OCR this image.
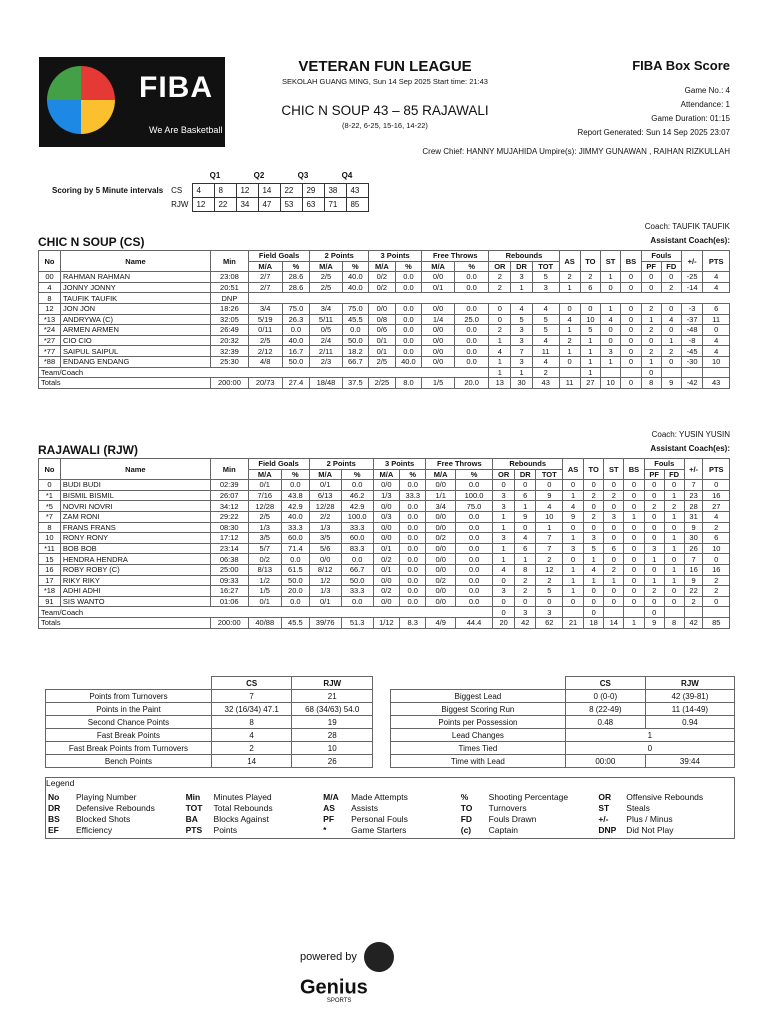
FIBA
We Are Basketball
VETERAN FUN LEAGUE
SEKOLAH GUANG MING, Sun 14 Sep 2025 Start time: 21:43
CHIC N SOUP 43 – 85 RAJAWALI
(8-22, 6-25, 15-16, 14-22)
FIBA Box Score
Game No.: 4
Attendance: 1
Game Duration: 01:15
Report Generated: Sun 14 Sep 2025 23:07
Crew Chief: HANNY MUJAHIDA Umpire(s): JIMMY GUNAWAN , RAIHAN RIZKULLAH
		Q1		Q2		Q3		Q4	
Scoring by 5 Minute intervals	CS	4	8	12	14	22	29	38	43
	RJW	12	22	34	47	53	63	71	85
Coach: TAUFIK TAUFIK
Assistant Coach(es):
CHIC N SOUP (CS)
No	Name	Min	Field Goals		2 Points		3 Points		Free Throws		Rebounds			AS	TO	ST	BS	Fouls		+/-	PTS
			M/A	%	M/A	%	M/A	%	M/A	%	OR	DR	TOT					PF	FD		
00	RAHMAN RAHMAN	23:08	2/7	28.6	2/5	40.0	0/2	0.0	0/0	0.0	2	3	5	2	2	1	0	0	0	-25	4
4	JONNY JONNY	20:51	2/7	28.6	2/5	40.0	0/2	0.0	0/1	0.0	2	1	3	1	6	0	0	0	2	-14	4
8	TAUFIK TAUFIK	DNP																			
12	JON JON	18:26	3/4	75.0	3/4	75.0	0/0	0.0	0/0	0.0	0	4	4	0	0	1	0	2	0	-3	6
*13	ANDRYWA (C)	32:05	5/19	26.3	5/11	45.5	0/8	0.0	1/4	25.0	0	5	5	4	10	4	0	1	4	-37	11
*24	ARMEN ARMEN	26:49	0/11	0.0	0/5	0.0	0/6	0.0	0/0	0.0	2	3	5	1	5	0	0	2	0	-48	0
*27	CIO CIO	20:32	2/5	40.0	2/4	50.0	0/1	0.0	0/0	0.0	1	3	4	2	1	0	0	0	1	-8	4
*77	SAIPUL SAIPUL	32:39	2/12	16.7	2/11	18.2	0/1	0.0	0/0	0.0	4	7	11	1	1	3	0	2	2	-45	4
*88	ENDANG ENDANG	25:30	4/8	50.0	2/3	66.7	2/5	40.0	0/0	0.0	1	3	4	0	1	1	0	1	0	-30	10
Team/Coach											1	1	2		1			0			
Totals		200:00	20/73	27.4	18/48	37.5	2/25	8.0	1/5	20.0	13	30	43	11	27	10	0	8	9	-42	43
Coach: YUSIN YUSIN
Assistant Coach(es):
RAJAWALI (RJW)
No	Name	Min	Field Goals		2 Points		3 Points		Free Throws		Rebounds			AS	TO	ST	BS	Fouls		+/-	PTS
			M/A	%	M/A	%	M/A	%	M/A	%	OR	DR	TOT					PF	FD		
0	BUDI BUDI	02:39	0/1	0.0	0/1	0.0	0/0	0.0	0/0	0.0	0	0	0	0	0	0	0	0	0	7	0
*1	BISMIL BISMIL	26:07	7/16	43.8	6/13	46.2	1/3	33.3	1/1	100.0	3	6	9	1	2	2	0	0	1	23	16
*5	NOVRI NOVRI	34:12	12/28	42.9	12/28	42.9	0/0	0.0	3/4	75.0	3	1	4	4	0	0	0	2	2	28	27
*7	ZAM RONI	29:22	2/5	40.0	2/2	100.0	0/3	0.0	0/0	0.0	1	9	10	9	2	3	1	0	1	31	4
8	FRANS FRANS	08:30	1/3	33.3	1/3	33.3	0/0	0.0	0/0	0.0	1	0	1	0	0	0	0	0	0	9	2
10	RONY RONY	17:12	3/5	60.0	3/5	60.0	0/0	0.0	0/2	0.0	3	4	7	1	3	0	0	0	1	30	6
*11	BOB BOB	23:14	5/7	71.4	5/6	83.3	0/1	0.0	0/0	0.0	1	6	7	3	5	6	0	3	1	26	10
15	HENDRA HENDRA	06:38	0/2	0.0	0/0	0.0	0/2	0.0	0/0	0.0	1	1	2	0	1	0	0	1	0	7	0
16	ROBY ROBY (C)	25:00	8/13	61.5	8/12	66.7	0/1	0.0	0/0	0.0	4	8	12	1	4	2	0	0	1	16	16
17	RIKY RIKY	09:33	1/2	50.0	1/2	50.0	0/0	0.0	0/2	0.0	0	2	2	1	1	1	0	1	1	9	2
*18	ADHI ADHI	16:27	1/5	20.0	1/3	33.3	0/2	0.0	0/0	0.0	3	2	5	1	0	0	0	2	0	22	2
91	SIS WANTO	01:06	0/1	0.0	0/1	0.0	0/0	0.0	0/0	0.0	0	0	0	0	0	0	0	0	0	2	0
Team/Coach											0	3	3		0			0			
Totals		200:00	40/88	45.5	39/76	51.3	1/12	8.3	4/9	44.4	20	42	62	21	18	14	1	9	8	42	85
	CS	RJW
Points from Turnovers	7	21
Points in the Paint	32 (16/34) 47.1	68 (34/63) 54.0
Second Chance Points	8	19
Fast Break Points	4	28
Fast Break Points from Turnovers	2	10
Bench Points	14	26
	CS	RJW
Biggest Lead	0 (0-0)	42 (39-81)
Biggest Scoring Run	8 (22-49)	11 (14-49)
Points per Possession	0.48	0.94
Lead Changes	1	
Times Tied	0	
Time with Lead	00:00	39:44
Legend
No	Playing Number	Min	Minutes Played	M/A	Made Attempts	%	Shooting Percentage	OR	Offensive Rebounds
DR	Defensive Rebounds	TOT	Total Rebounds	AS	Assists	TO	Turnovers	ST	Steals
BS	Blocked Shots	BA	Blocks Against	PF	Personal Fouls	FD	Fouls Drawn	+/-	Plus / Minus
EF	Efficiency	PTS	Points	*	Game Starters	(c)	Captain	DNP	Did Not Play
powered by  Genius SPORTS
